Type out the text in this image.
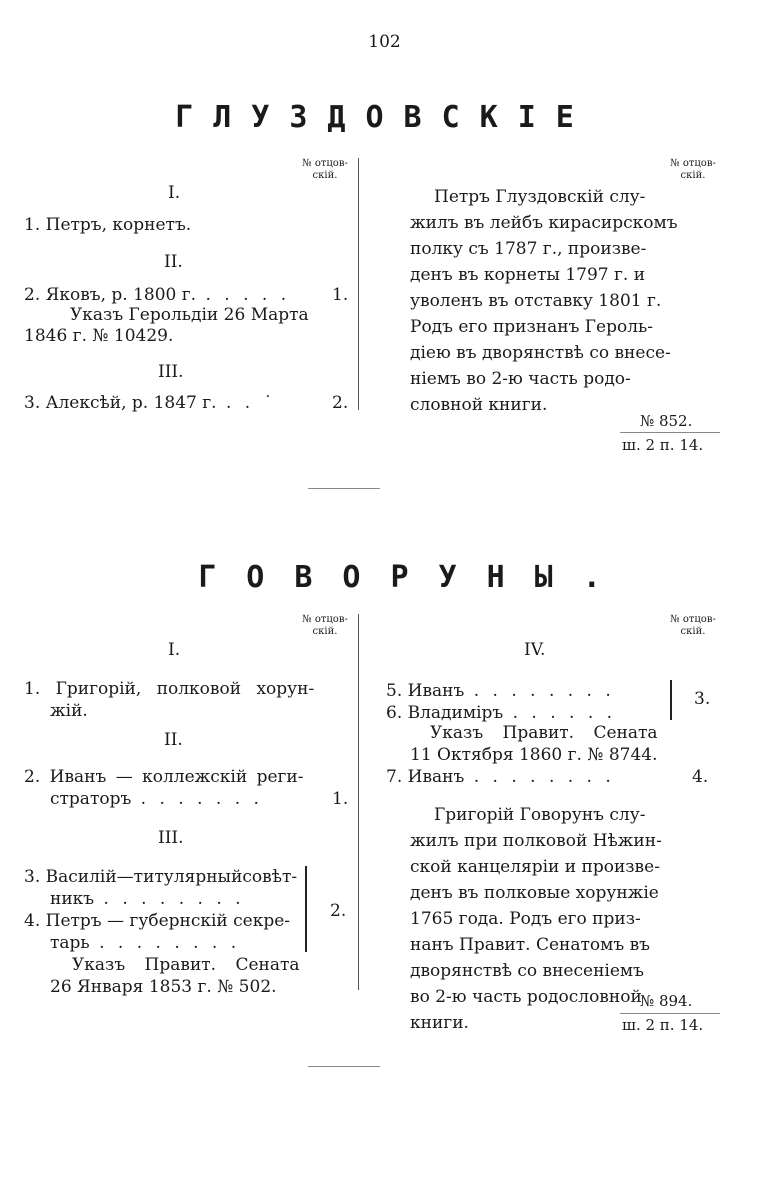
102
ГЛУЗДОВСКIE
№ отцов-
скій.
№ отцов-
скій.
I.
1. Петръ, корнетъ.
II.
2. Яковъ, р. 1800 г. . . . . . 1.
Указъ Герольдіи 26 Марта
1846 г. № 10429.
III.
3. Алексѣй, р. 1847 г. . . ˙	2.
Петръ Глуздовскій слу-
жилъ въ лейбъ кирасирскомъ
полку съ 1787 г., произве-
денъ въ корнеты 1797 г. и
уволенъ въ отставку 1801 г.
Родъ его признанъ Героль-
діею въ дворянствѣ со внесе-
ніемъ во 2-ю часть родо-
словной книги.
№ 852.
ш. 2 п. 14.
ГОВОРУНЫ.
№ отцов-
скій.
№ отцов-
скій.
I.
1. Григорій, полковой хорун-
жій.
II.
2. Иванъ — коллежскій реги-
страторъ . . . . . . .	1.
III.
3. Василій—титулярныйсовѣт-
никъ . . . . . . . .
4. Петръ — губернскій секре-
тарь . . . . . . . .
2.
Указъ Правит. Сената
26 Января 1853 г. № 502.
IV.
5. Иванъ . . . . . . . .
6. Владиміръ . . . . . .
3.
Указъ Правит. Сената
11 Октября 1860 г. № 8744.
7. Иванъ . . . . . . . .	4.
Григорій Говорунъ слу-
жилъ при полковой Нѣжин-
ской канцеляріи и произве-
денъ въ полковые хорунжіе
1765 года. Родъ его приз-
нанъ Правит. Сенатомъ въ
дворянствѣ со внесеніемъ
во 2-ю часть родословной
книги.
№ 894.
ш. 2 п. 14.
